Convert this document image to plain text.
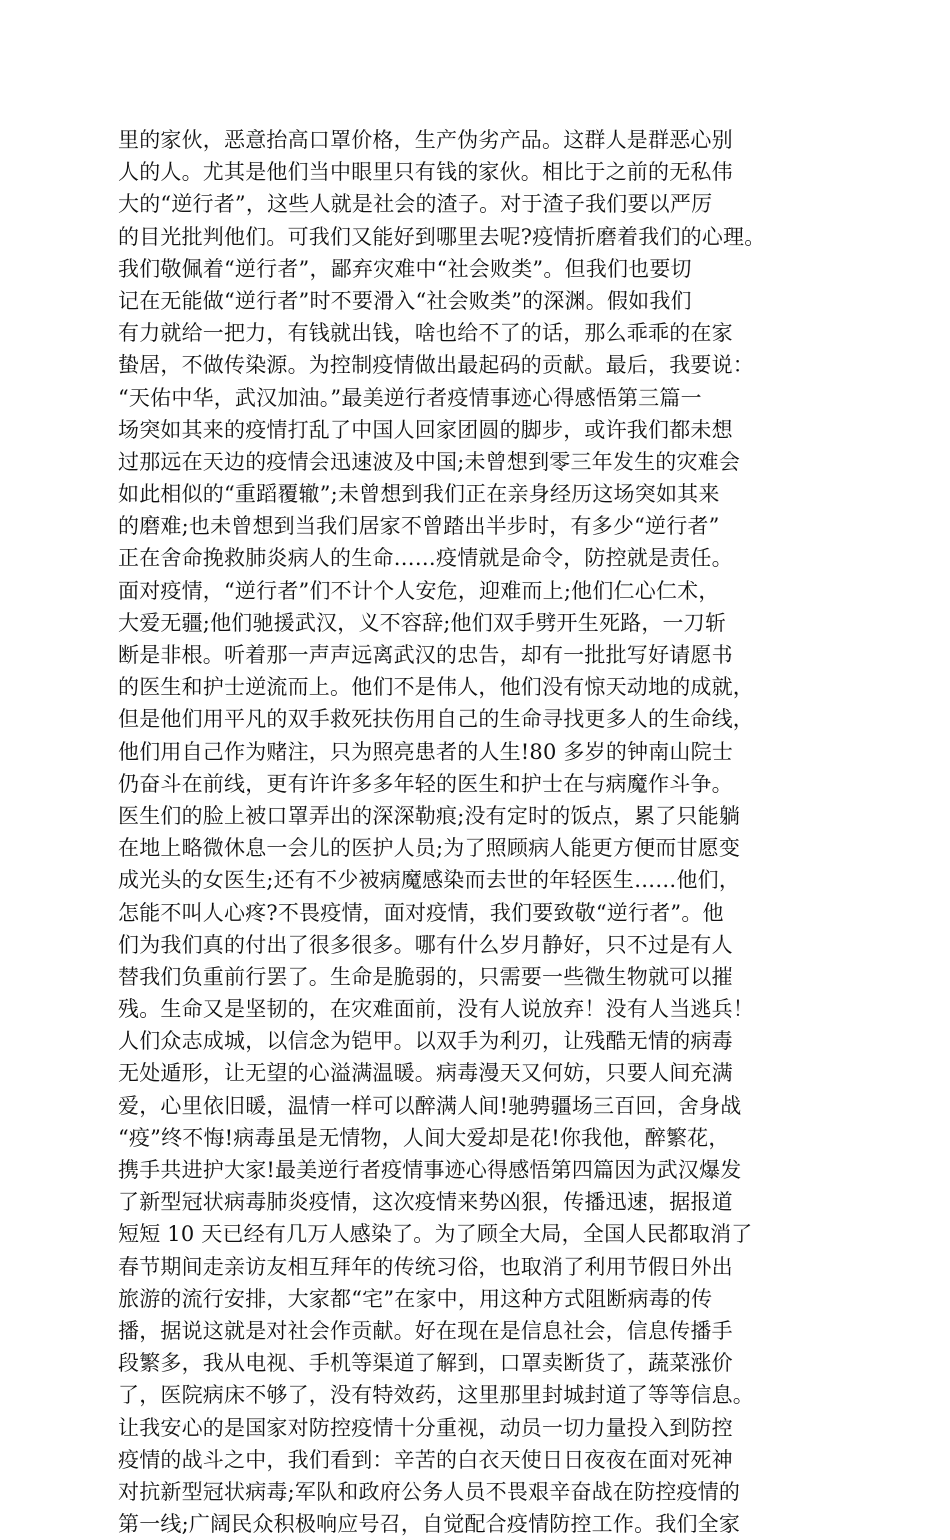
里的家伙，恶意抬高口罩价格，生产伪劣产品。这群人是群恶心别
人的人。尤其是他们当中眼里只有钱的家伙。相比于之前的无私伟
大的“逆行者”，这些人就是社会的渣子。对于渣子我们要以严厉
的目光批判他们。可我们又能好到哪里去呢?疫情折磨着我们的心理。
我们敬佩着“逆行者”，鄙弃灾难中“社会败类”。但我们也要切
记在无能做“逆行者”时不要滑入“社会败类”的深渊。假如我们
有力就给一把力，有钱就出钱，啥也给不了的话，那么乖乖的在家
蛰居，不做传染源。为控制疫情做出最起码的贡献。最后，我要说：
“天佑中华，武汉加油。”最美逆行者疫情事迹心得感悟第三篇一
场突如其来的疫情打乱了中国人回家团圆的脚步，或许我们都未想
过那远在天边的疫情会迅速波及中国;未曾想到零三年发生的灾难会
如此相似的“重蹈覆辙”;未曾想到我们正在亲身经历这场突如其来
的磨难;也未曾想到当我们居家不曾踏出半步时，有多少“逆行者”
正在舍命挽救肺炎病人的生命……疫情就是命令，防控就是责任。
面对疫情，“逆行者”们不计个人安危，迎难而上;他们仁心仁术，
大爱无疆;他们驰援武汉，义不容辞;他们双手劈开生死路，一刀斩
断是非根。听着那一声声远离武汉的忠告，却有一批批写好请愿书
的医生和护士逆流而上。他们不是伟人，他们没有惊天动地的成就，
但是他们用平凡的双手救死扶伤用自己的生命寻找更多人的生命线，
他们用自己作为赌注，只为照亮患者的人生!80 多岁的钟南山院士
仍奋斗在前线，更有许许多多年轻的医生和护士在与病魔作斗争。
医生们的脸上被口罩弄出的深深勒痕;没有定时的饭点，累了只能躺
在地上略微休息一会儿的医护人员;为了照顾病人能更方便而甘愿变
成光头的女医生;还有不少被病魔感染而去世的年轻医生……他们，
怎能不叫人心疼?不畏疫情，面对疫情，我们要致敬“逆行者”。他
们为我们真的付出了很多很多。哪有什么岁月静好，只不过是有人
替我们负重前行罢了。生命是脆弱的，只需要一些微生物就可以摧
残。生命又是坚韧的，在灾难面前，没有人说放弃！没有人当逃兵！
人们众志成城，以信念为铠甲。以双手为利刃，让残酷无情的病毒
无处遁形，让无望的心溢满温暖。病毒漫天又何妨，只要人间充满
爱，心里依旧暖，温情一样可以醉满人间!驰骋疆场三百回，舍身战
“疫”终不悔!病毒虽是无情物，人间大爱却是花!你我他，醉繁花，
携手共进护大家!最美逆行者疫情事迹心得感悟第四篇因为武汉爆发
了新型冠状病毒肺炎疫情，这次疫情来势凶狠，传播迅速，据报道
短短 10 天已经有几万人感染了。为了顾全大局，全国人民都取消了
春节期间走亲访友相互拜年的传统习俗，也取消了利用节假日外出
旅游的流行安排，大家都“宅”在家中，用这种方式阻断病毒的传
播，据说这就是对社会作贡献。好在现在是信息社会，信息传播手
段繁多，我从电视、手机等渠道了解到，口罩卖断货了，蔬菜涨价
了，医院病床不够了，没有特效药，这里那里封城封道了等等信息。
让我安心的是国家对防控疫情十分重视，动员一切力量投入到防控
疫情的战斗之中，我们看到：辛苦的白衣天使日日夜夜在面对死神
对抗新型冠状病毒;军队和政府公务人员不畏艰辛奋战在防控疫情的
第一线;广阔民众积极响应号召，自觉配合疫情防控工作。我们全家
